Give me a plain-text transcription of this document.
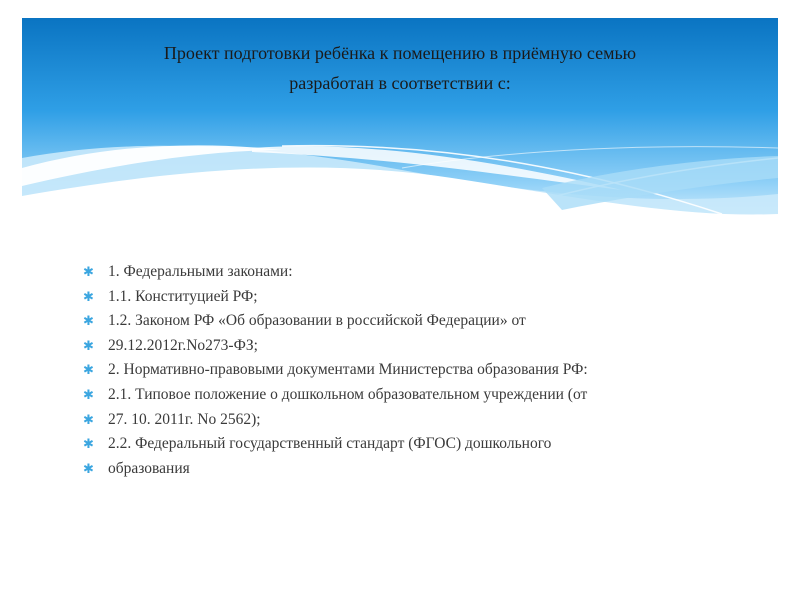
Проект подготовки ребёнка к помещению в приёмную семью
разработан в соответствии с:
✱ 1. Федеральными законами:
✱ 1.1. Конституцией РФ;
✱ 1.2. Законом РФ «Об образовании в российской Федерации» от
✱ 29.12.2012г.No273-ФЗ;
✱ 2. Нормативно-правовыми документами Министерства образования РФ:
✱ 2.1. Типовое положение о дошкольном образовательном учреждении (от
✱ 27. 10. 2011г. No 2562);
✱ 2.2. Федеральный государственный стандарт (ФГОС) дошкольного
✱ образования
